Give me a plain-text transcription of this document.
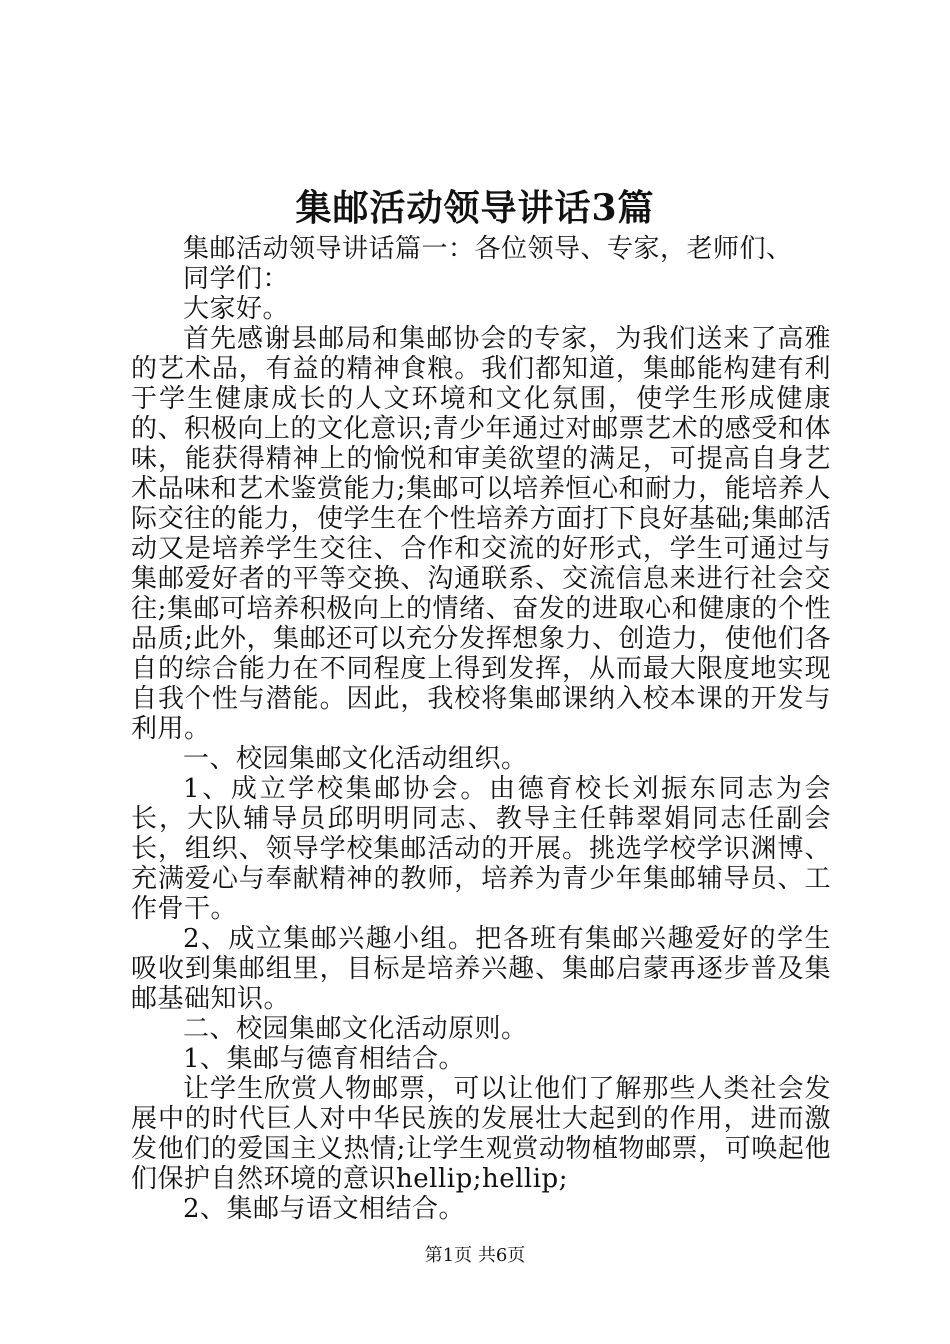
集邮活动领导讲话3篇

集邮活动领导讲话篇一：各位领导、专家，老师们、

同学们：

大家好。

首先感谢县邮局和集邮协会的专家，为我们送来了高雅的艺术品，有益的精神食粮。我们都知道，集邮能构建有利于学生健康成长的人文环境和文化氛围，使学生形成健康的、积极向上的文化意识;青少年通过对邮票艺术的感受和体味，能获得精神上的愉悦和审美欲望的满足，可提高自身艺术品味和艺术鉴赏能力;集邮可以培养恒心和耐力，能培养人际交往的能力，使学生在个性培养方面打下良好基础;集邮活动又是培养学生交往、合作和交流的好形式，学生可通过与集邮爱好者的平等交换、沟通联系、交流信息来进行社会交往;集邮可培养积极向上的情绪、奋发的进取心和健康的个性品质;此外，集邮还可以充分发挥想象力、创造力，使他们各自的综合能力在不同程度上得到发挥，从而最大限度地实现自我个性与潜能。因此，我校将集邮课纳入校本课的开发与利用。

一、校园集邮文化活动组织。

1、成立学校集邮协会。由德育校长刘振东同志为会长，大队辅导员邱明明同志、教导主任韩翠娟同志任副会长，组织、领导学校集邮活动的开展。挑选学校学识渊博、充满爱心与奉献精神的教师，培养为青少年集邮辅导员、工作骨干。

2、成立集邮兴趣小组。把各班有集邮兴趣爱好的学生吸收到集邮组里，目标是培养兴趣、集邮启蒙再逐步普及集邮基础知识。

二、校园集邮文化活动原则。

1、集邮与德育相结合。

让学生欣赏人物邮票，可以让他们了解那些人类社会发展中的时代巨人对中华民族的发展壮大起到的作用，进而激发他们的爱国主义热情;让学生观赏动物植物邮票，可唤起他们保护自然环境的意识hellip;hellip;

2、集邮与语文相结合。

第1页 共6页
